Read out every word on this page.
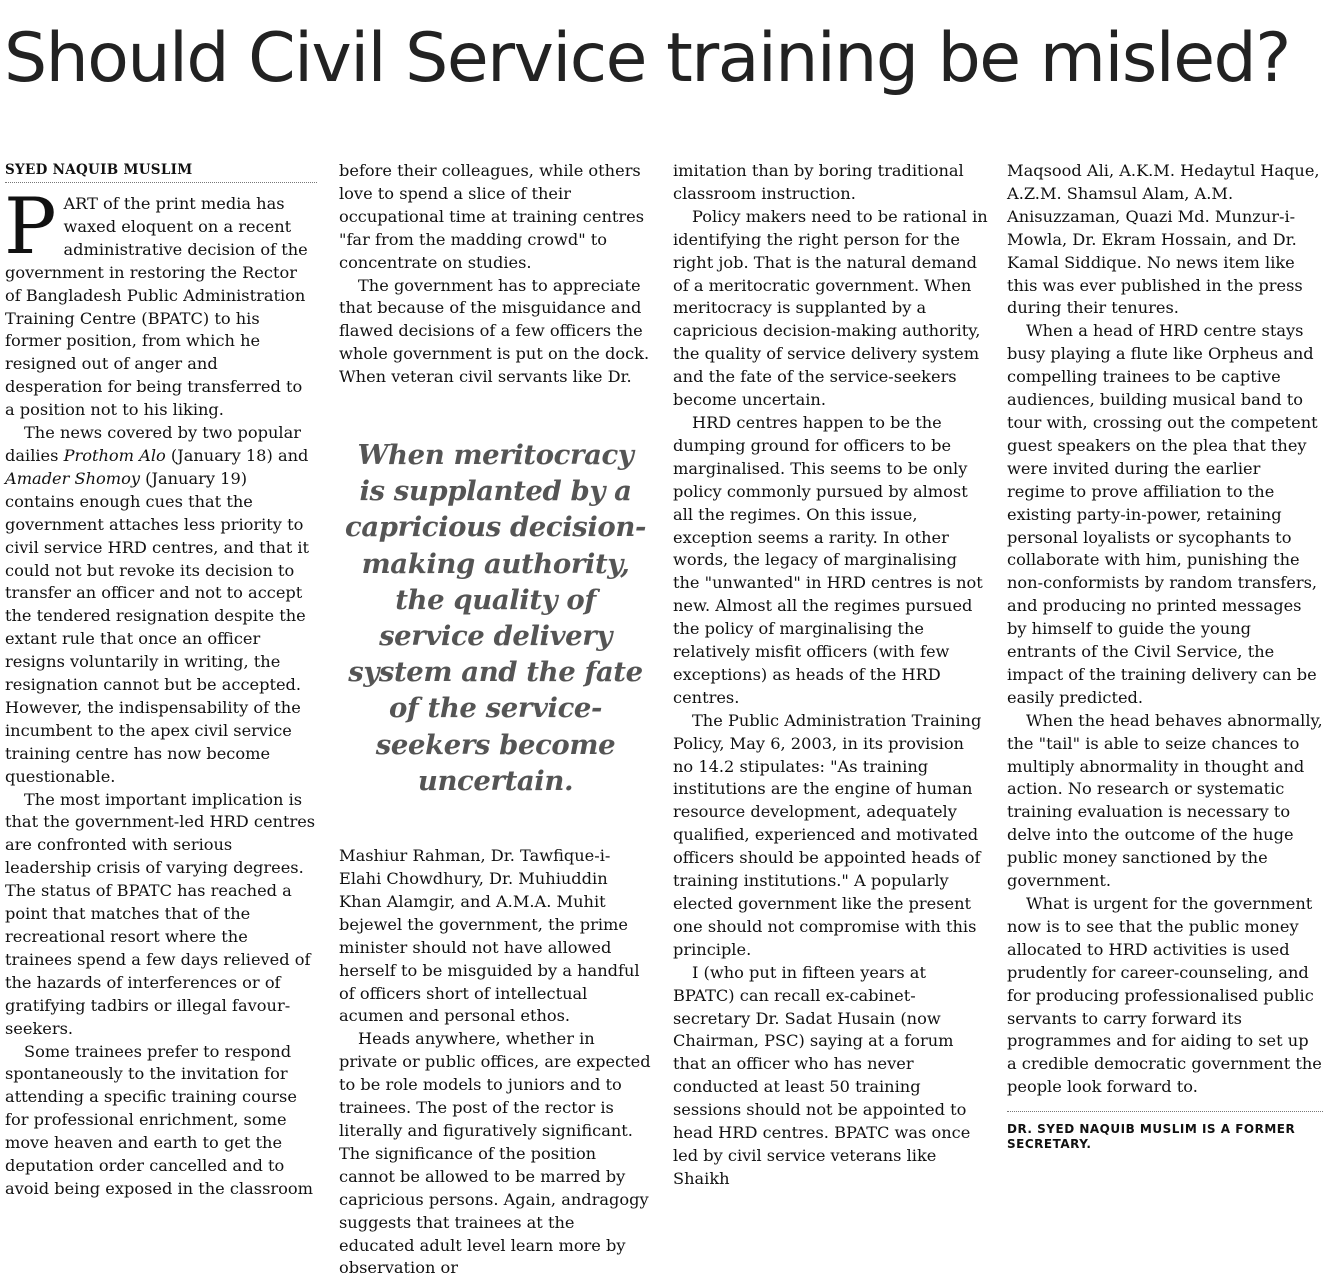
Should Civil Service training be misled?
SYED NAQUIB MUSLIM

PART of the print media has waxed eloquent on a recent administrative decision of the government in restoring the Rector of Bangladesh Public Administration Training Centre (BPATC) to his former position, from which he resigned out of anger and desperation for being transferred to a position not to his liking.

The news covered by two popular dailies Prothom Alo (January 18) and Amader Shomoy (January 19) contains enough cues that the government attaches less priority to civil service HRD centres, and that it could not but revoke its decision to transfer an officer and not to accept the tendered resignation despite the extant rule that once an officer resigns voluntarily in writing, the resignation cannot but be accepted. However, the indispensability of the incumbent to the apex civil service training centre has now become questionable.

The most important implication is that the government-led HRD centres are confronted with serious leadership crisis of varying degrees. The status of BPATC has reached a point that matches that of the recreational resort where the trainees spend a few days relieved of the hazards of interferences or of gratifying tadbirs or illegal favour-seekers.

Some trainees prefer to respond spontaneously to the invitation for attending a specific training course for professional enrichment, some move heaven and earth to get the deputation order cancelled and to avoid being exposed in the classroom

before their colleagues, while others love to spend a slice of their occupational time at training centres "far from the madding crowd" to concentrate on studies.

The government has to appreciate that because of the misguidance and flawed decisions of a few officers the whole government is put on the dock. When veteran civil servants like Dr.

When meritocracy is supplanted by a capricious decision-making authority, the quality of service delivery system and the fate of the service-seekers become uncertain.

Mashiur Rahman, Dr. Tawfique-i-Elahi Chowdhury, Dr. Muhiuddin Khan Alamgir, and A.M.A. Muhit bejewel the government, the prime minister should not have allowed herself to be misguided by a handful of officers short of intellectual acumen and personal ethos.

Heads anywhere, whether in private or public offices, are expected to be role models to juniors and to trainees. The post of the rector is literally and figuratively significant. The significance of the position cannot be allowed to be marred by capricious persons. Again, andragogy suggests that trainees at the educated adult level learn more by observation or

imitation than by boring traditional classroom instruction.

Policy makers need to be rational in identifying the right person for the right job. That is the natural demand of a meritocratic government. When meritocracy is supplanted by a capricious decision-making authority, the quality of service delivery system and the fate of the service-seekers become uncertain.

HRD centres happen to be the dumping ground for officers to be marginalised. This seems to be only policy commonly pursued by almost all the regimes. On this issue, exception seems a rarity. In other words, the legacy of marginalising the "unwanted" in HRD centres is not new. Almost all the regimes pursued the policy of marginalising the relatively misfit officers (with few exceptions) as heads of the HRD centres.

The Public Administration Training Policy, May 6, 2003, in its provision no 14.2 stipulates: "As training institutions are the engine of human resource development, adequately qualified, experienced and motivated officers should be appointed heads of training institutions." A popularly elected government like the present one should not compromise with this principle.

I (who put in fifteen years at BPATC) can recall ex-cabinet-secretary Dr. Sadat Husain (now Chairman, PSC) saying at a forum that an officer who has never conducted at least 50 training sessions should not be appointed to head HRD centres. BPATC was once led by civil service veterans like Shaikh

Maqsood Ali, A.K.M. Hedaytul Haque, A.Z.M. Shamsul Alam, A.M. Anisuzzaman, Quazi Md. Munzur-i-Mowla, Dr. Ekram Hossain, and Dr. Kamal Siddique. No news item like this was ever published in the press during their tenures.

When a head of HRD centre stays busy playing a flute like Orpheus and compelling trainees to be captive audiences, building musical band to tour with, crossing out the competent guest speakers on the plea that they were invited during the earlier regime to prove affiliation to the existing party-in-power, retaining personal loyalists or sycophants to collaborate with him, punishing the non-conformists by random transfers, and producing no printed messages by himself to guide the young entrants of the Civil Service, the impact of the training delivery can be easily predicted.

When the head behaves abnormally, the "tail" is able to seize chances to multiply abnormality in thought and action. No research or systematic training evaluation is necessary to delve into the outcome of the huge public money sanctioned by the government.

What is urgent for the government now is to see that the public money allocated to HRD activities is used prudently for career-counseling, and for producing professionalised public servants to carry forward its programmes and for aiding to set up a credible democratic government the people look forward to.

DR. SYED NAQUIB MUSLIM IS A FORMER SECRETARY.
